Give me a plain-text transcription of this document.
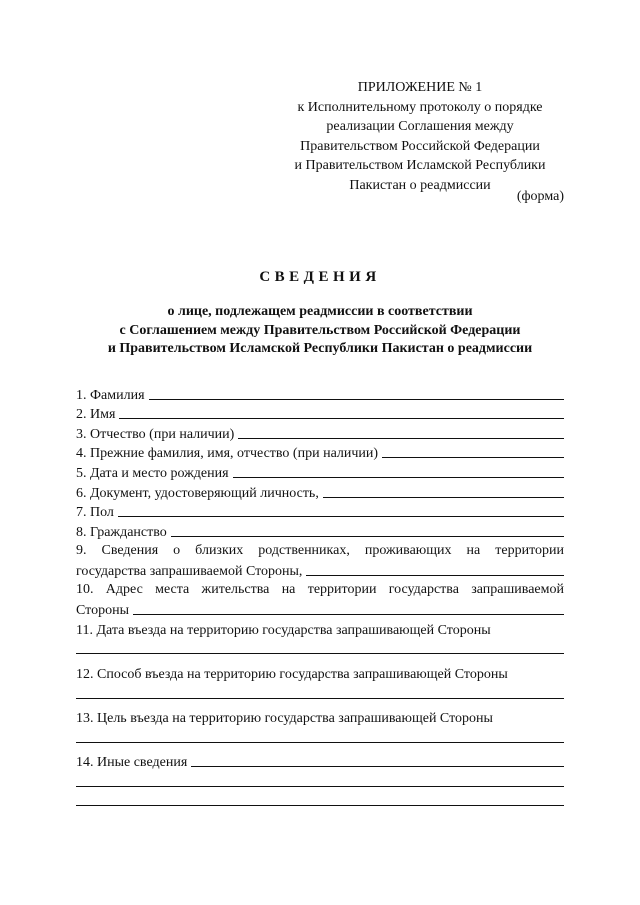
ПРИЛОЖЕНИЕ № 1
к Исполнительному протоколу о порядке
реализации Соглашения между
Правительством Российской Федерации
и Правительством Исламской Республики
Пакистан о реадмиссии
(форма)
СВЕДЕНИЯ
о лице, подлежащем реадмиссии в соответствии
с Соглашением между Правительством Российской Федерации
и Правительством Исламской Республики Пакистан о реадмиссии
1. Фамилия
2. Имя
3. Отчество (при наличии)
4. Прежние фамилия, имя, отчество (при наличии)
5. Дата и место рождения
6. Документ, удостоверяющий личность,
7. Пол
8. Гражданство
9. Сведения о близких родственниках, проживающих на территории
государства запрашиваемой Стороны,
10. Адрес места жительства на территории государства запрашиваемой
Стороны
11. Дата въезда на территорию государства запрашивающей Стороны
12. Способ въезда на территорию государства запрашивающей Стороны
13. Цель въезда на территорию государства запрашивающей Стороны
14. Иные сведения
